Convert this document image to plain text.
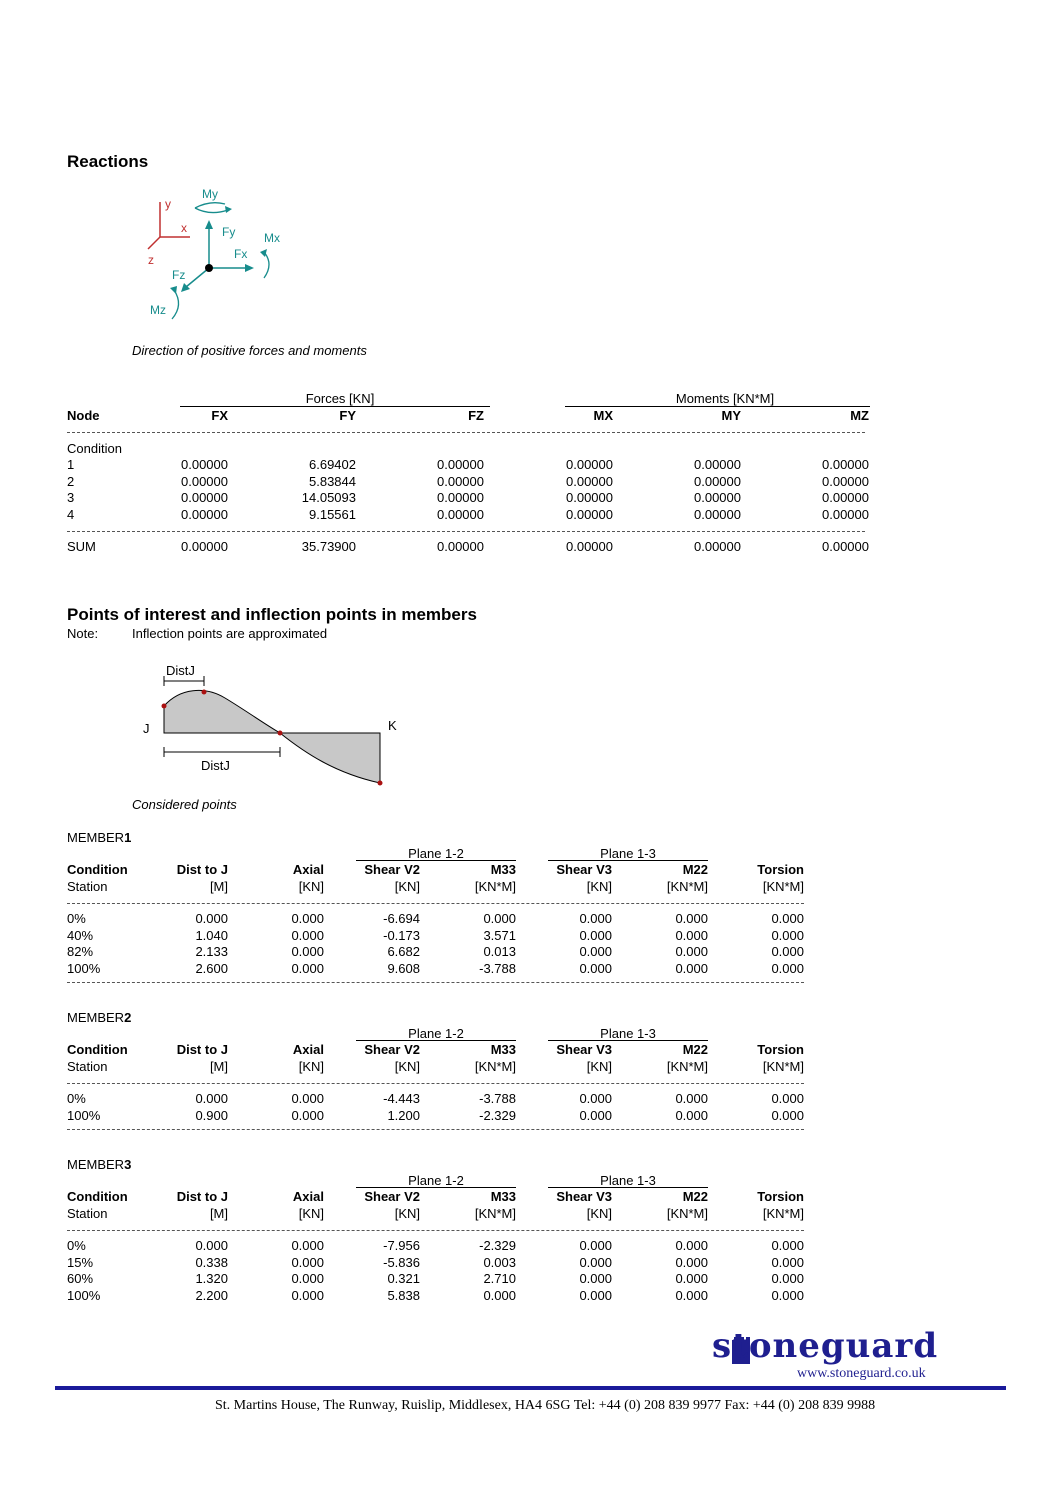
Reactions
y
x
z
My
Fy
Fx
Mx
Fz
Mz
Direction of positive forces and moments
Forces [KN]	Moments [KN*M]
Node	FX	FY	FZ	MX	MY	MZ
Condition
1	0.00000	6.69402	0.00000	0.00000	0.00000	0.00000
2	0.00000	5.83844	0.00000	0.00000	0.00000	0.00000
3	0.00000	14.05093	0.00000	0.00000	0.00000	0.00000
4	0.00000	9.15561	0.00000	0.00000	0.00000	0.00000
SUM	0.00000	35.73900	0.00000	0.00000	0.00000	0.00000
Points of interest and inflection points in members
Note:	Inflection points are approximated
DistJ
DistJ
J	K
Considered points
MEMBER1
Plane 1-2	Plane 1-3
Condition	Dist to J	Axial	Shear V2	M33	Shear V3	M22	Torsion
Station	[M]	[KN]	[KN]	[KN*M]	[KN]	[KN*M]	[KN*M]
0%	0.000	0.000	-6.694	0.000	0.000	0.000	0.000
40%	1.040	0.000	-0.173	3.571	0.000	0.000	0.000
82%	2.133	0.000	6.682	0.013	0.000	0.000	0.000
100%	2.600	0.000	9.608	-3.788	0.000	0.000	0.000
MEMBER2
Plane 1-2	Plane 1-3
Condition	Dist to J	Axial	Shear V2	M33	Shear V3	M22	Torsion
Station	[M]	[KN]	[KN]	[KN*M]	[KN]	[KN*M]	[KN*M]
0%	0.000	0.000	-4.443	-3.788	0.000	0.000	0.000
100%	0.900	0.000	1.200	-2.329	0.000	0.000	0.000
MEMBER3
Plane 1-2	Plane 1-3
Condition	Dist to J	Axial	Shear V2	M33	Shear V3	M22	Torsion
Station	[M]	[KN]	[KN]	[KN*M]	[KN]	[KN*M]	[KN*M]
0%	0.000	0.000	-7.956	-2.329	0.000	0.000	0.000
15%	0.338	0.000	-5.836	0.003	0.000	0.000	0.000
60%	1.320	0.000	0.321	2.710	0.000	0.000	0.000
100%	2.200	0.000	5.838	0.000	0.000	0.000	0.000
stoneguard
www.stoneguard.co.uk
St. Martins House, The Runway, Ruislip, Middlesex, HA4 6SG Tel: +44 (0) 208 839 9977 Fax: +44 (0) 208 839 9988
